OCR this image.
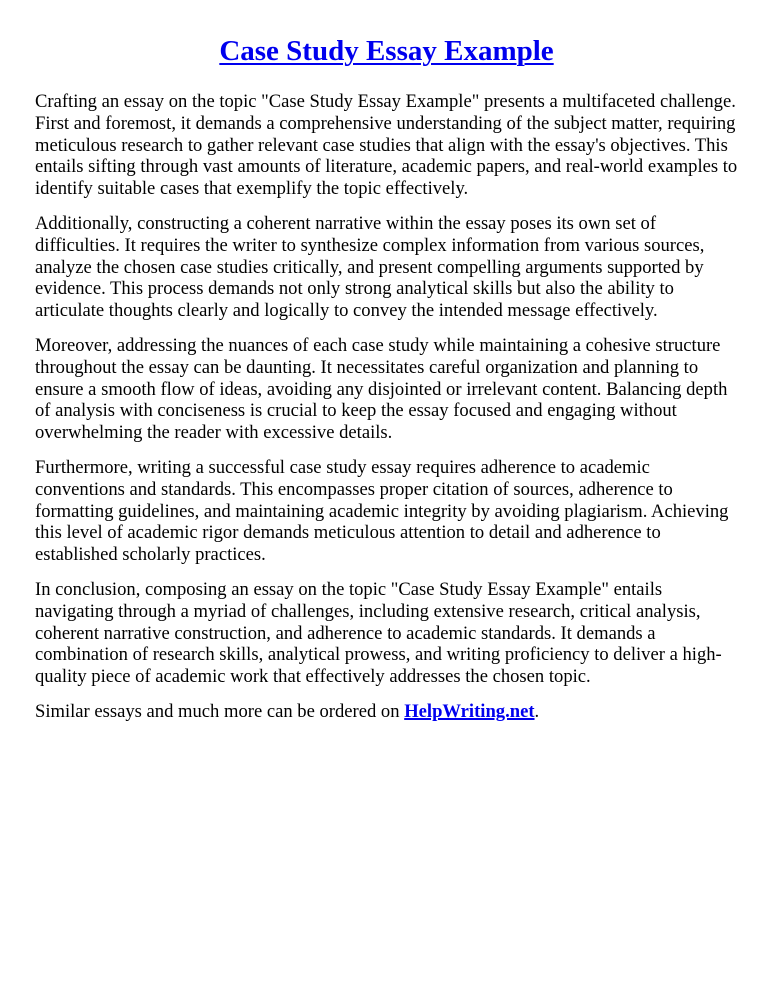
Case Study Essay Example

Crafting an essay on the topic "Case Study Essay Example" presents a multifaceted challenge. First and foremost, it demands a comprehensive understanding of the subject matter, requiring meticulous research to gather relevant case studies that align with the essay's objectives. This entails sifting through vast amounts of literature, academic papers, and real-world examples to identify suitable cases that exemplify the topic effectively.

Additionally, constructing a coherent narrative within the essay poses its own set of difficulties. It requires the writer to synthesize complex information from various sources, analyze the chosen case studies critically, and present compelling arguments supported by evidence. This process demands not only strong analytical skills but also the ability to articulate thoughts clearly and logically to convey the intended message effectively.

Moreover, addressing the nuances of each case study while maintaining a cohesive structure throughout the essay can be daunting. It necessitates careful organization and planning to ensure a smooth flow of ideas, avoiding any disjointed or irrelevant content. Balancing depth of analysis with conciseness is crucial to keep the essay focused and engaging without overwhelming the reader with excessive details.

Furthermore, writing a successful case study essay requires adherence to academic conventions and standards. This encompasses proper citation of sources, adherence to formatting guidelines, and maintaining academic integrity by avoiding plagiarism. Achieving this level of academic rigor demands meticulous attention to detail and adherence to established scholarly practices.

In conclusion, composing an essay on the topic "Case Study Essay Example" entails navigating through a myriad of challenges, including extensive research, critical analysis, coherent narrative construction, and adherence to academic standards. It demands a combination of research skills, analytical prowess, and writing proficiency to deliver a high-quality piece of academic work that effectively addresses the chosen topic.

Similar essays and much more can be ordered on HelpWriting.net.
